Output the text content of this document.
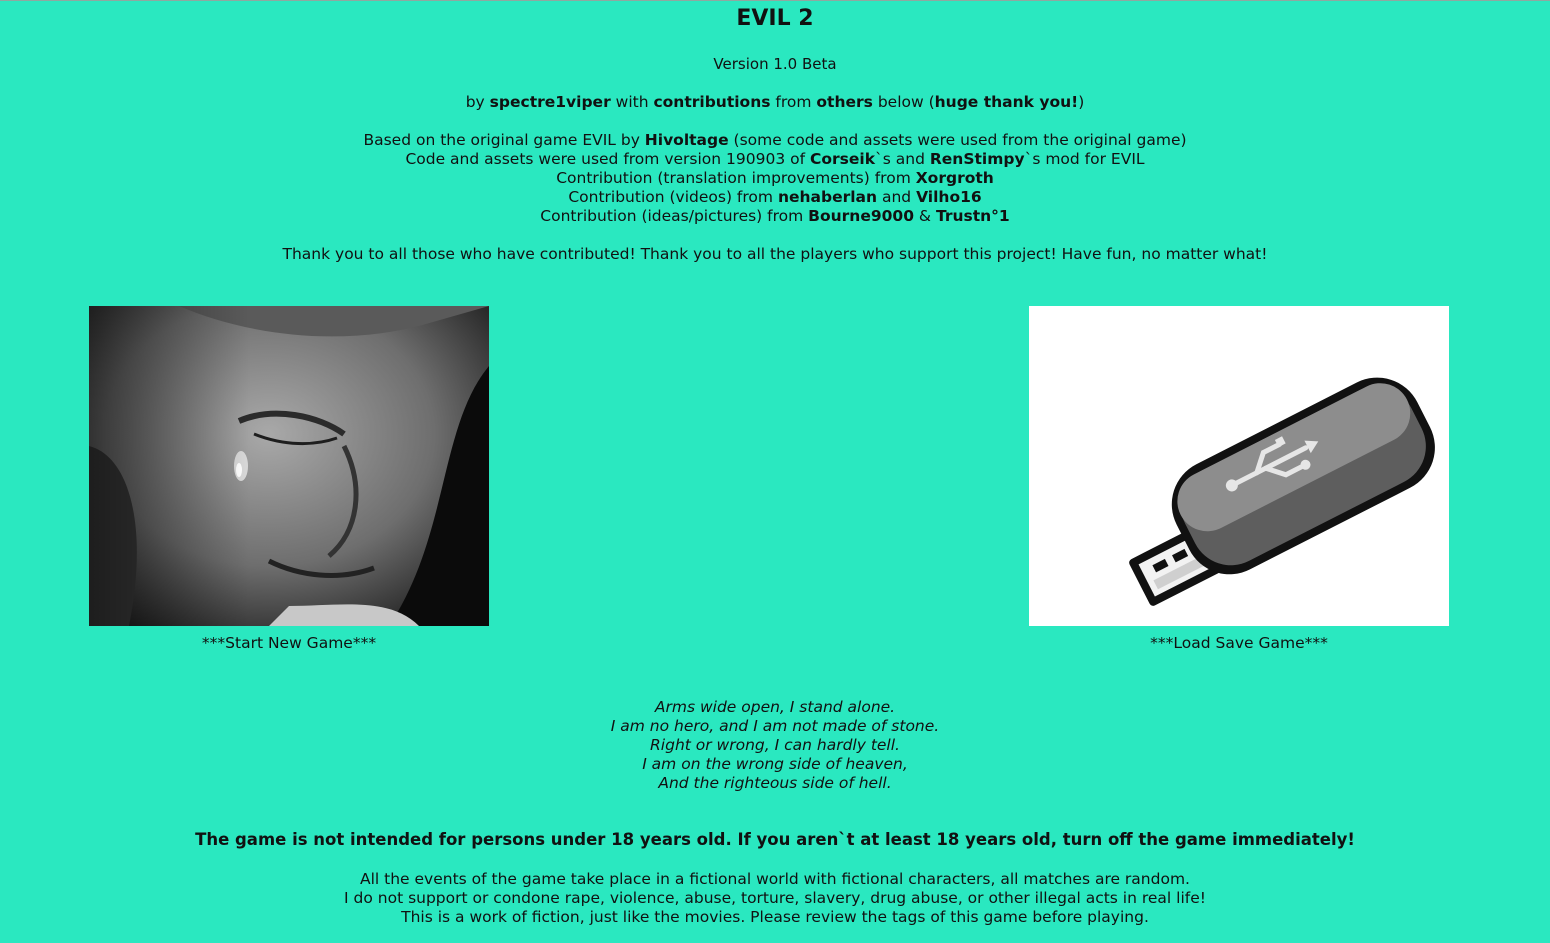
EVIL 2
Version 1.0 Beta
by spectre1viper with contributions from others below (huge thank you!)
Based on the original game EVIL by Hivoltage (some code and assets were used from the original game)
Code and assets were used from version 190903 of Corseik`s and RenStimpy`s mod for EVIL
Contribution (translation improvements) from Xorgroth
Contribution (videos) from nehaberlan and Vilho16
Contribution (ideas/pictures) from Bourne9000 & Trustn°1
Thank you to all those who have contributed! Thank you to all the players who support this project! Have fun, no matter what!
***Start New Game***	***Load Save Game***
Arms wide open, I stand alone.
I am no hero, and I am not made of stone.
Right or wrong, I can hardly tell.
I am on the wrong side of heaven,
And the righteous side of hell.
The game is not intended for persons under 18 years old. If you aren`t at least 18 years old, turn off the game immediately!
All the events of the game take place in a fictional world with fictional characters, all matches are random.
I do not support or condone rape, violence, abuse, torture, slavery, drug abuse, or other illegal acts in real life!
This is a work of fiction, just like the movies. Please review the tags of this game before playing.
